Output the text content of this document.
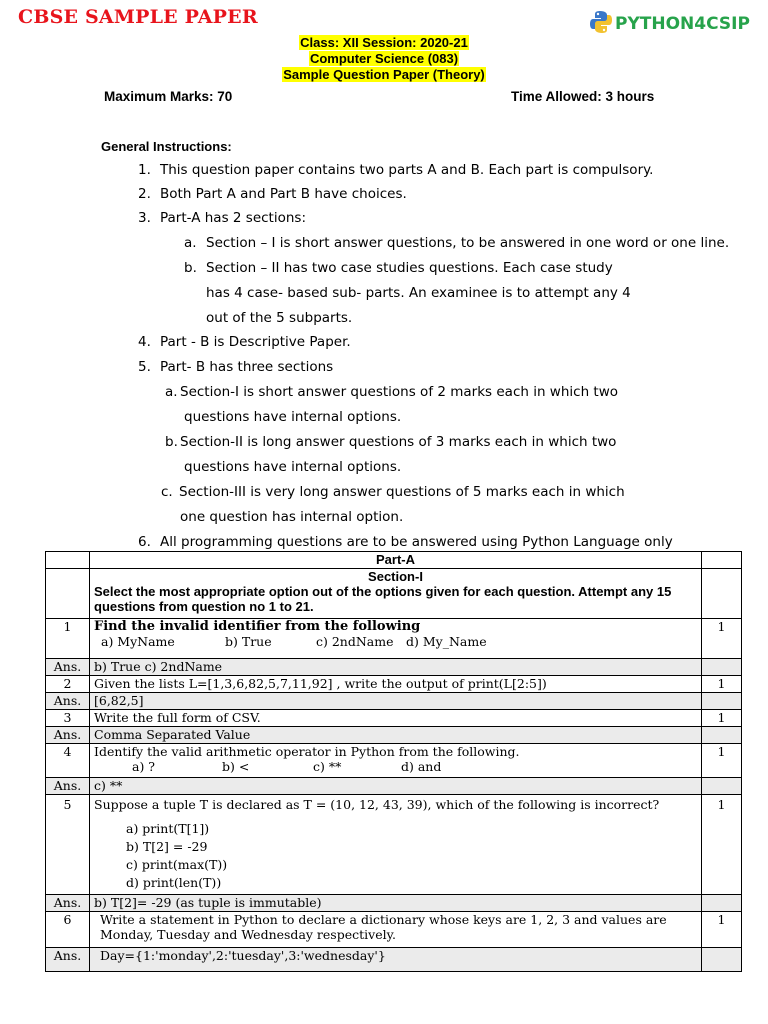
CBSE SAMPLE PAPER	PYTHON4CSIP
Class: XII Session: 2020-21
Computer Science (083)
Sample Question Paper (Theory)
Maximum Marks: 70	Time Allowed: 3 hours
General Instructions:
1. This question paper contains two parts A and B. Each part is compulsory.
2. Both Part A and Part B have choices.
3. Part-A has 2 sections:
a. Section – I is short answer questions, to be answered in one word or one line.
b. Section – II has two case studies questions. Each case study
has 4 case- based sub- parts. An examinee is to attempt any 4
out of the 5 subparts.
4. Part - B is Descriptive Paper.
5. Part- B has three sections
a. Section-I is short answer questions of 2 marks each in which two
questions have internal options.
b. Section-II is long answer questions of 3 marks each in which two
questions have internal options.
c. Section-III is very long answer questions of 5 marks each in which
one question has internal option.
6. All programming questions are to be answered using Python Language only
	Part-A	

	Section-I
Select the most appropriate option out of the options given for each question. Attempt any 15 questions from question no 1 to 21.	

1	Find the invalid identifier from the following
a) MyName b) True c) 2ndName d) My_Name	1
Ans.	b) True c) 2ndName	
2	Given the lists L=[1,3,6,82,5,7,11,92] , write the output of print(L[2:5])	1
Ans.	[6,82,5]	
3	Write the full form of CSV.	1
Ans.	Comma Separated Value	
4	Identify the valid arithmetic operator in Python from the following.
a) ? b) < c) ** d) and	1
Ans.	c) **	
5	Suppose a tuple T is declared as T = (10, 12, 43, 39), which of the following is incorrect?
a) print(T[1])
b) T[2] = -29
c) print(max(T))
d) print(len(T))	1
Ans.	b) T[2]= -29 (as tuple is immutable)	
6	Write a statement in Python to declare a dictionary whose keys are 1, 2, 3 and values are Monday, Tuesday and Wednesday respectively.	1
Ans.	Day={1:'monday',2:'tuesday',3:'wednesday'}	
